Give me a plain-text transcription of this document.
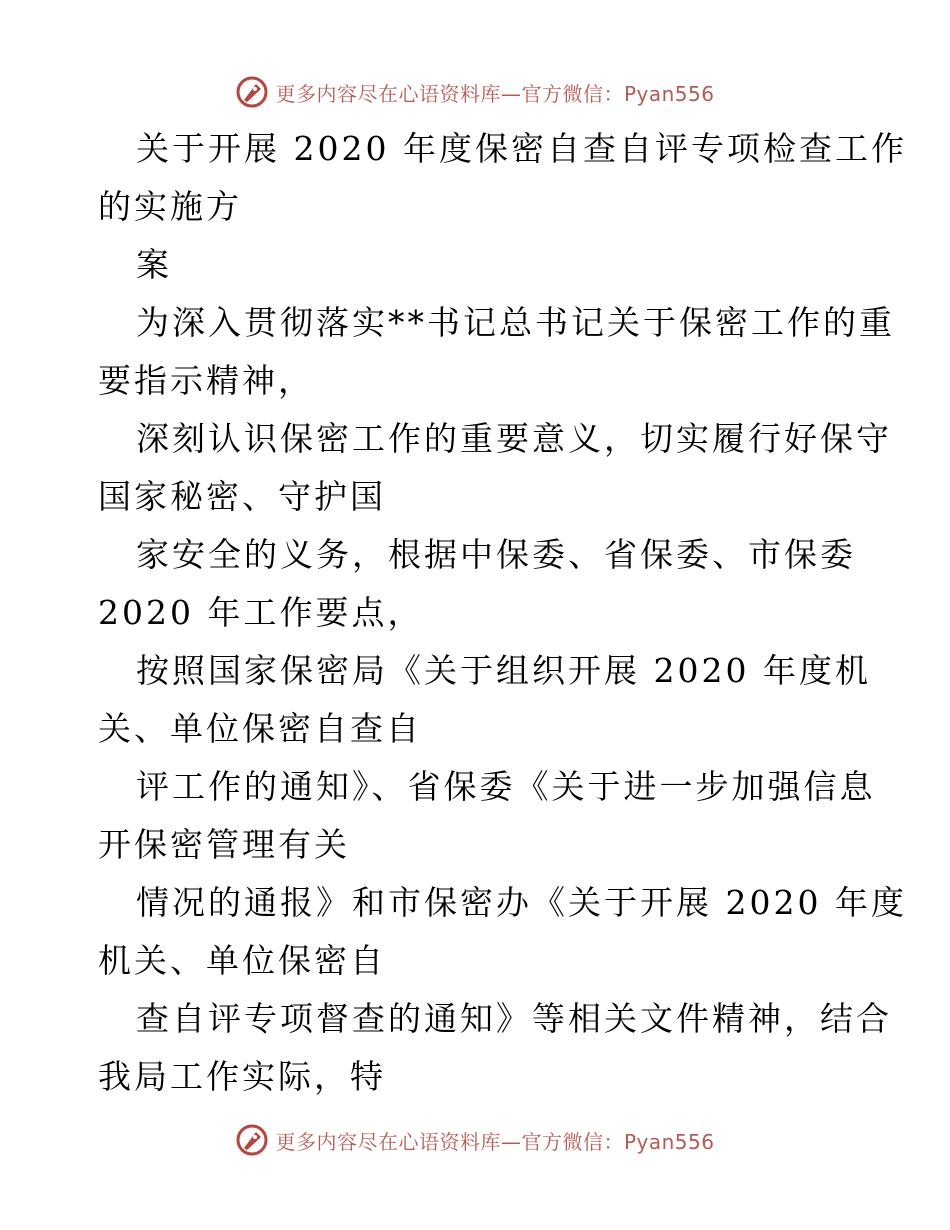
更多内容尽在心语资料库—官方微信：Pyan556
关于开展 2020 年度保密自查自评专项检查工作
的实施方
案
为深入贯彻落实**书记总书记关于保密工作的重
要指示精神，
深刻认识保密工作的重要意义，切实履行好保守
国家秘密、守护国
家安全的义务，根据中保委、省保委、市保委
2020 年工作要点，
按照国家保密局《关于组织开展 2020 年度机
关、单位保密自查自
评工作的通知》、省保委《关于进一步加强信息
开保密管理有关
情况的通报》和市保密办《关于开展 2020 年度
机关、单位保密自
查自评专项督查的通知》等相关文件精神，结合
我局工作实际，特
更多内容尽在心语资料库—官方微信：Pyan556
